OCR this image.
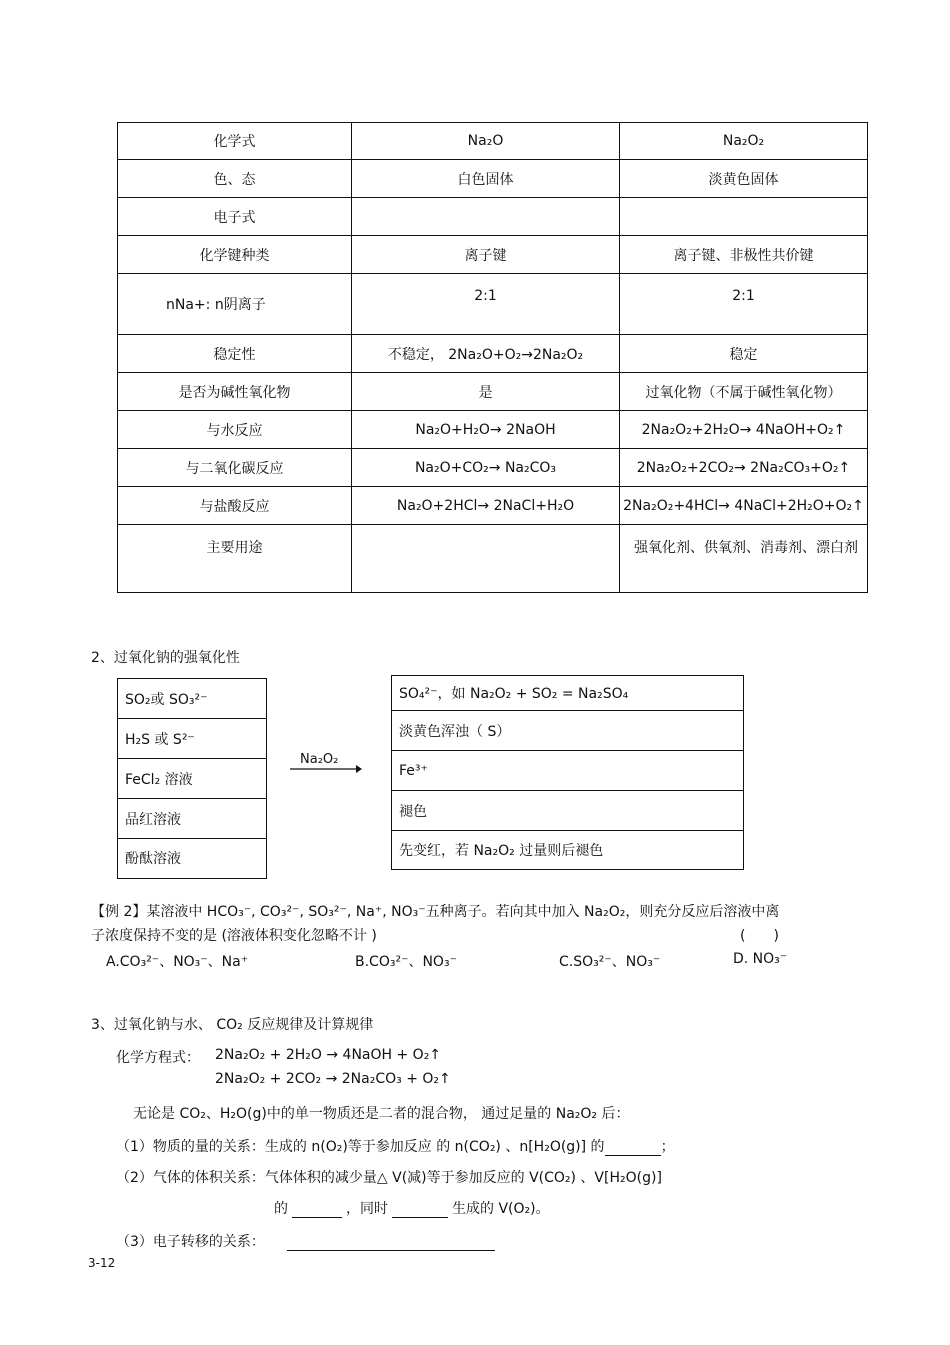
化学式	Na₂O	Na₂O₂
色、态	白色固体	淡黄色固体
电子式		
化学键种类	离子键	离子键、非极性共价键
nNa+: n阴离子	2:1	2:1
稳定性	不稳定， 2Na₂O+O₂→2Na₂O₂	稳定
是否为碱性氧化物	是	过氧化物（不属于碱性氧化物）
与水反应	Na₂O+H₂O→ 2NaOH	2Na₂O₂+2H₂O→ 4NaOH+O₂↑
与二氧化碳反应	Na₂O+CO₂→ Na₂CO₃	2Na₂O₂+2CO₂→ 2Na₂CO₃+O₂↑
与盐酸反应	Na₂O+2HCl→ 2NaCl+H₂O	2Na₂O₂+4HCl→ 4NaCl+2H₂O+O₂↑
主要用途		强氧化剂、供氧剂、消毒剂、漂白剂
2、过氧化钠的强氧化性
SO₂或 SO₃²⁻
H₂S 或 S²⁻
FeCl₂ 溶液
品红溶液
酚酞溶液
Na₂O₂
SO₄²⁻，如 Na₂O₂ + SO₂ = Na₂SO₄
淡黄色浑浊（ S）
Fe³⁺
褪色
先变红，若 Na₂O₂ 过量则后褪色
【例 2】某溶液中 HCO₃⁻, CO₃²⁻, SO₃²⁻, Na⁺, NO₃⁻五种离子。若向其中加入 Na₂O₂，则充分反应后溶液中离
子浓度保持不变的是 (溶液体积变化忽略不计 )	(　　)
A.CO₃²⁻、NO₃⁻、Na⁺	B.CO₃²⁻、NO₃⁻	C.SO₃²⁻、NO₃⁻	D. NO₃⁻
3、过氧化钠与水、 CO₂ 反应规律及计算规律
化学方程式： 2Na₂O₂ + 2H₂O → 4NaOH + O₂↑
2Na₂O₂ + 2CO₂ → 2Na₂CO₃ + O₂↑
无论是 CO₂、H₂O(g)中的单一物质还是二者的混合物， 通过足量的 Na₂O₂ 后：
（1）物质的量的关系：生成的 n(O₂)等于参加反应 的 n(CO₂) 、n[H₂O(g)] 的	；
（2）气体的体积关系：气体体积的减少量△ V(减)等于参加反应的 V(CO₂) 、V[H₂O(g)]
的	，同时	生成的 V(O₂)。
（3）电子转移的关系：
3-12
